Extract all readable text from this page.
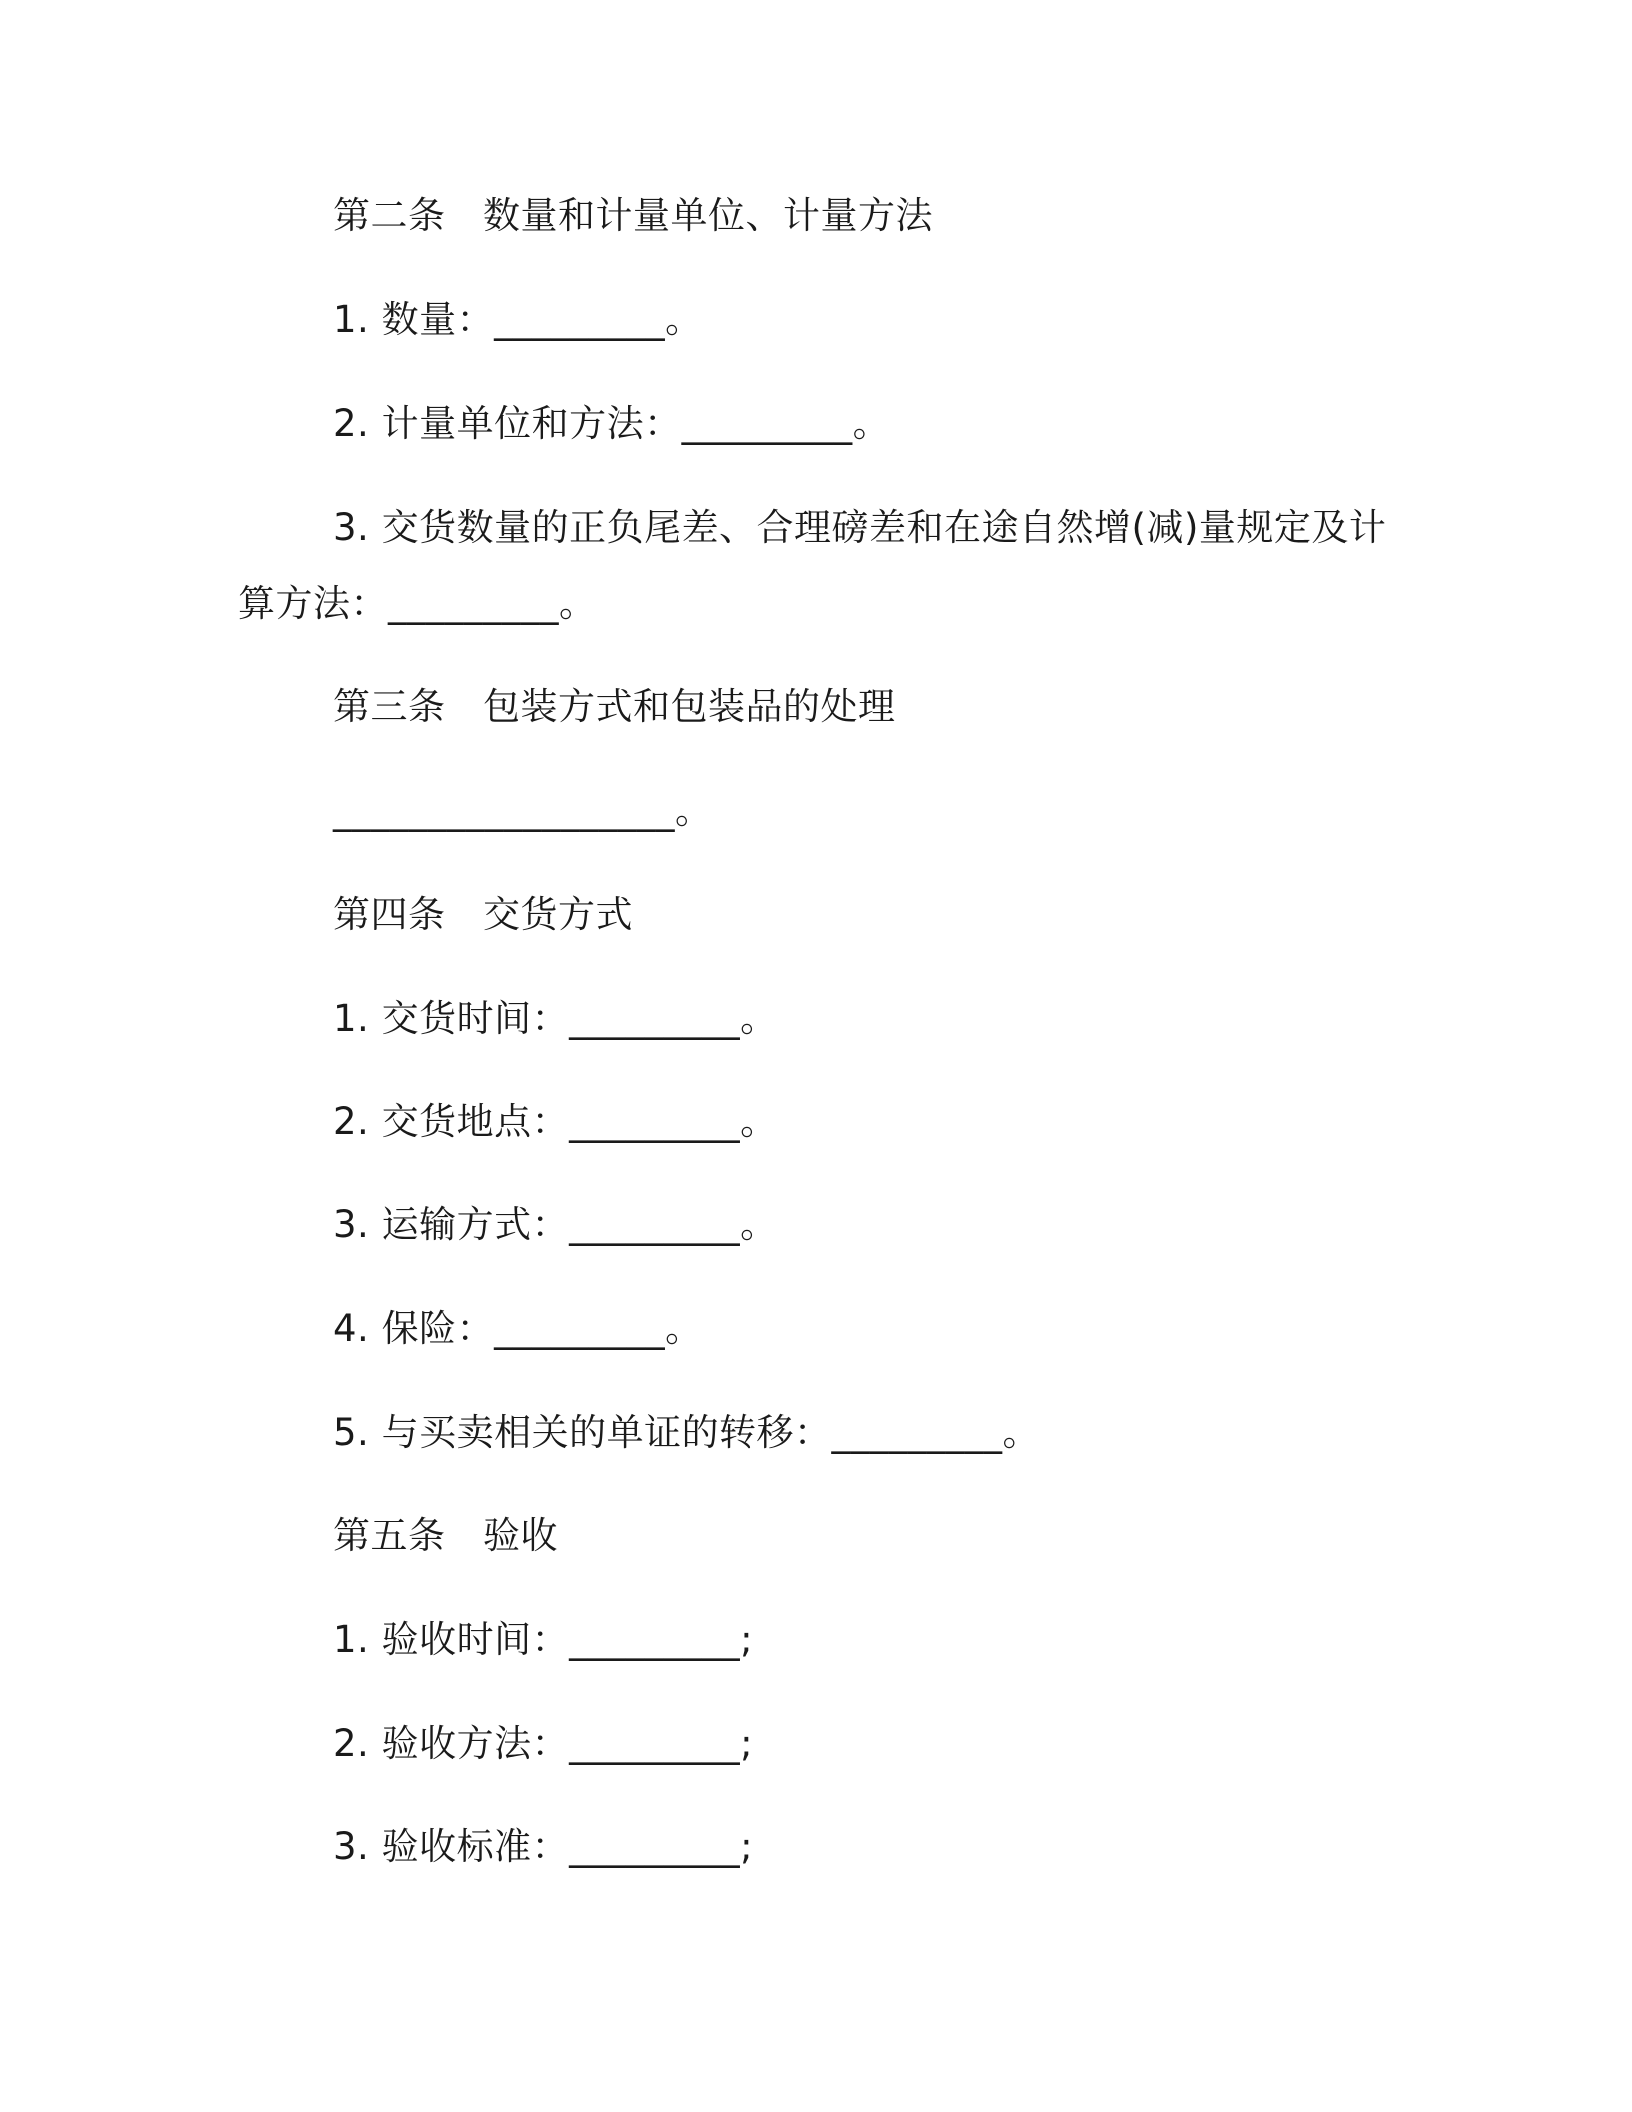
第二条　数量和计量单位、计量方法
1. 数量：_________。
2. 计量单位和方法：_________。
3. 交货数量的正负尾差、合理磅差和在途自然增(减)量规定及计
算方法：_________。
第三条　包装方式和包装品的处理
__________________。
第四条　交货方式
1. 交货时间：_________。
2. 交货地点：_________。
3. 运输方式：_________。
4. 保险：_________。
5. 与买卖相关的单证的转移：_________。
第五条　验收
1. 验收时间：_________;
2. 验收方法：_________;
3. 验收标准：_________;
